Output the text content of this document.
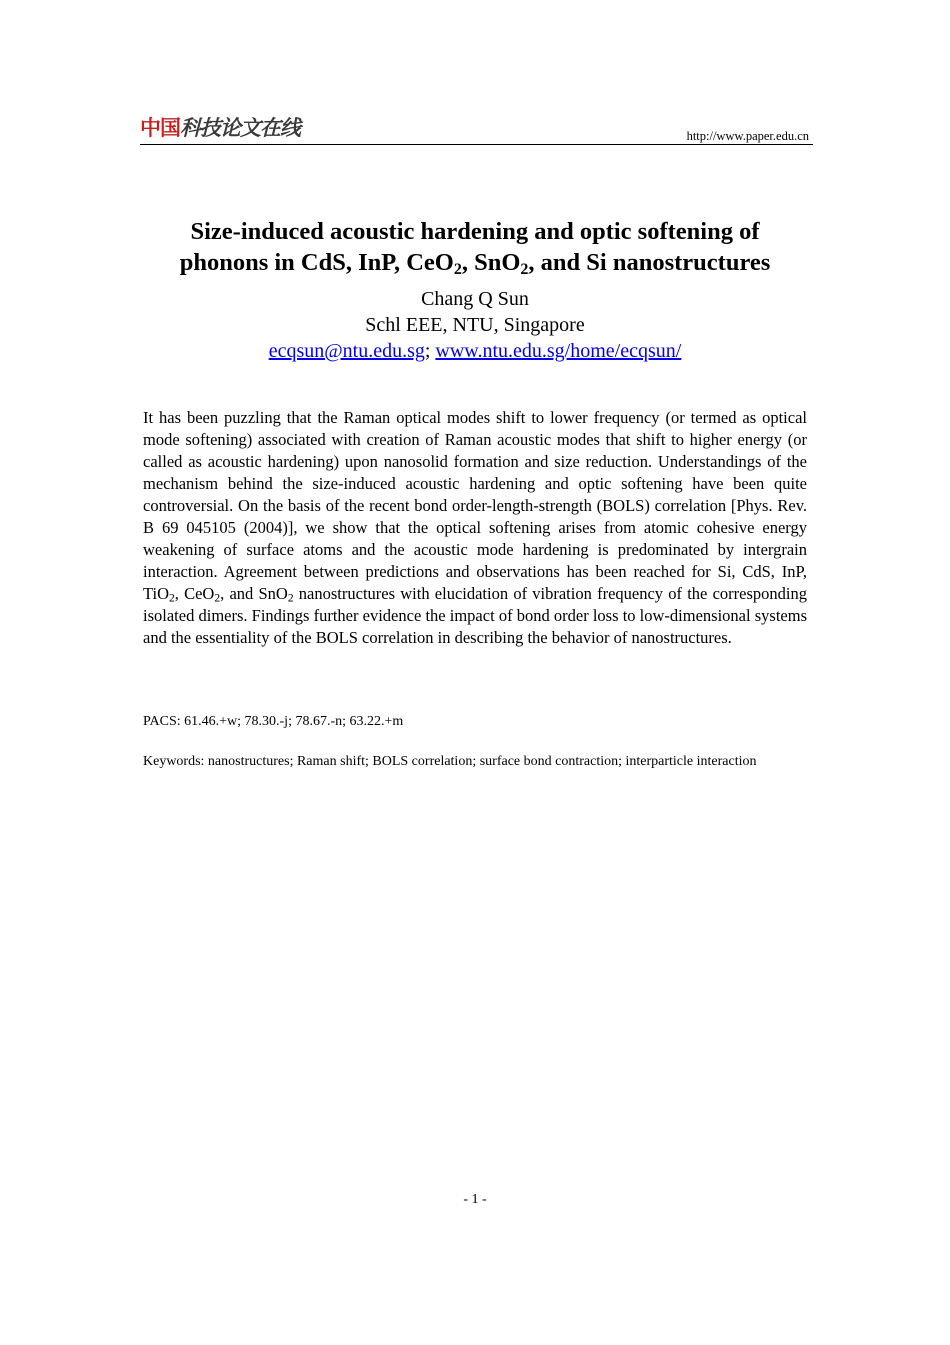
中国 科技论文在线	http://www.paper.edu.cn
Size-induced acoustic hardening and optic softening of
phonons in CdS, InP, CeO$_2$, SnO$_2$, and Si nanostructures
Chang Q Sun
Schl EEE, NTU, Singapore
ecqsun@ntu.edu.sg; www.ntu.edu.sg/home/ecqsun/

It has been puzzling that the Raman optical modes shift to lower frequency (or termed as optical mode softening) associated with creation of Raman acoustic modes that shift to higher energy (or called as acoustic hardening) upon nanosolid formation and size reduction. Understandings of the mechanism behind the size-induced acoustic hardening and optic softening have been quite controversial. On the basis of the recent bond order-length-strength (BOLS) correlation [Phys. Rev. B 69 045105 (2004)], we show that the optical softening arises from atomic cohesive energy weakening of surface atoms and the acoustic mode hardening is predominated by intergrain interaction. Agreement between predictions and observations has been reached for Si, CdS, InP, TiO$_2$, CeO$_2$, and SnO$_2$ nanostructures with elucidation of vibration frequency of the corresponding isolated dimers. Findings further evidence the impact of bond order loss to low-dimensional systems and the essentiality of the BOLS correlation in describing the behavior of nanostructures.

PACS: 61.46.+w; 78.30.-j; 78.67.-n; 63.22.+m
Keywords: nanostructures; Raman shift; BOLS correlation; surface bond contraction; interparticle interaction
- 1 -
